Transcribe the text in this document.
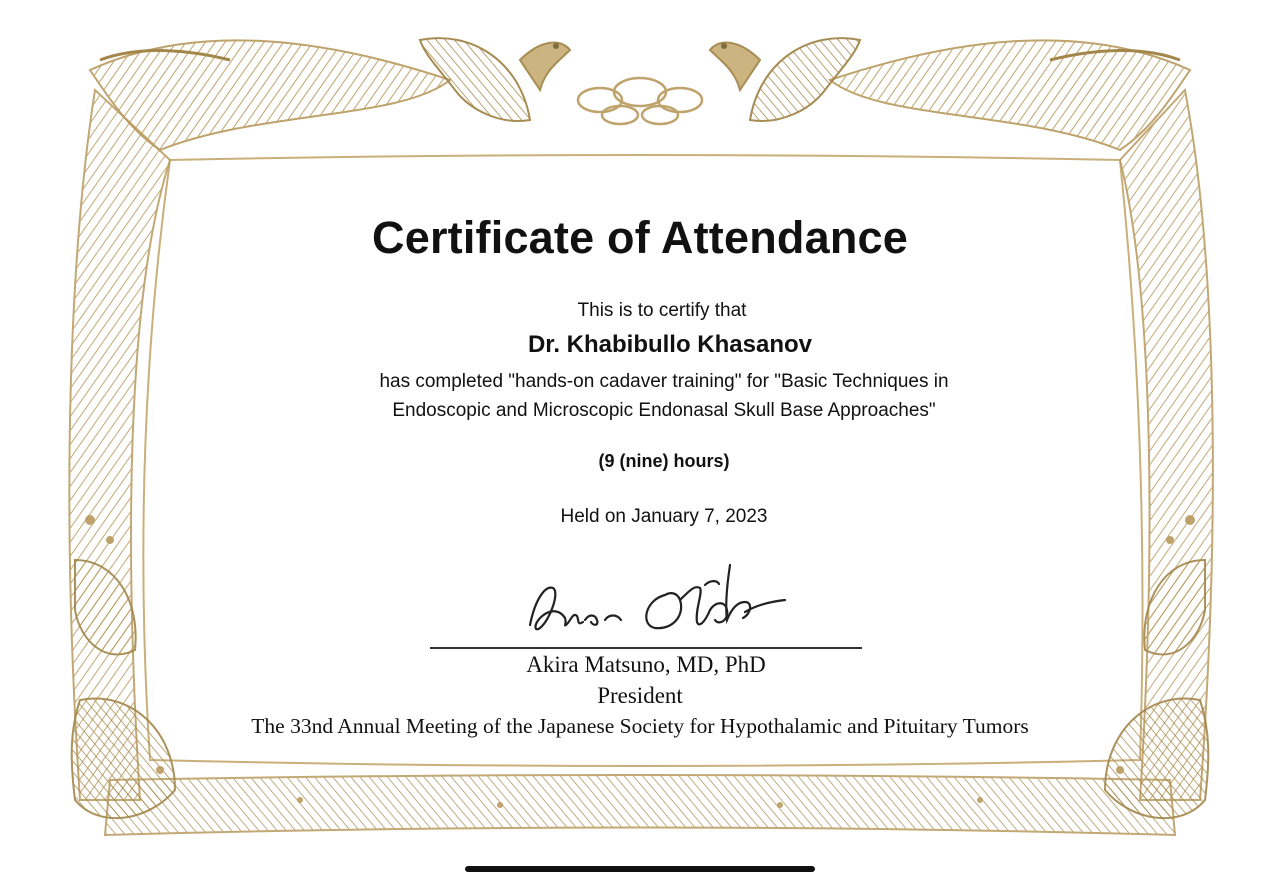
Certificate of Attendance
This is to certify that
Dr. Khabibullo Khasanov
has completed "hands-on cadaver training" for "Basic Techniques in
Endoscopic and Microscopic Endonasal Skull Base Approaches"
(9 (nine) hours)
Held on January 7, 2023
Akira Matsuno, MD, PhD
President
The 33nd Annual Meeting of the Japanese Society for Hypothalamic and Pituitary Tumors
